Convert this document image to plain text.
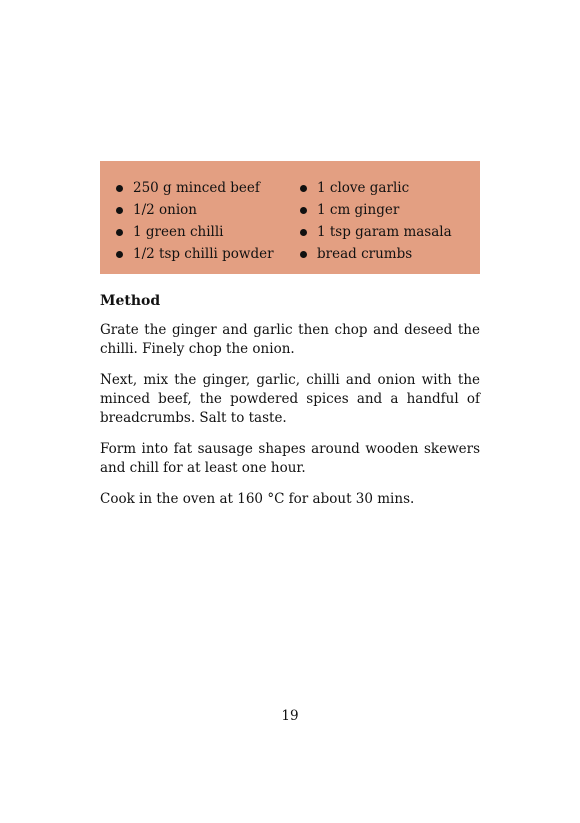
250 g minced beef
1/2 onion
1 green chilli
1/2 tsp chilli powder
1 clove garlic
1 cm ginger
1 tsp garam masala
bread crumbs
Method

Grate the ginger and garlic then chop and deseed the chilli. Finely chop the onion.

Next, mix the ginger, garlic, chilli and onion with the minced beef, the powdered spices and a handful of breadcrumbs. Salt to taste.

Form into fat sausage shapes around wooden skewers and chill for at least one hour.

Cook in the oven at 160 °C for about 30 mins.

19
